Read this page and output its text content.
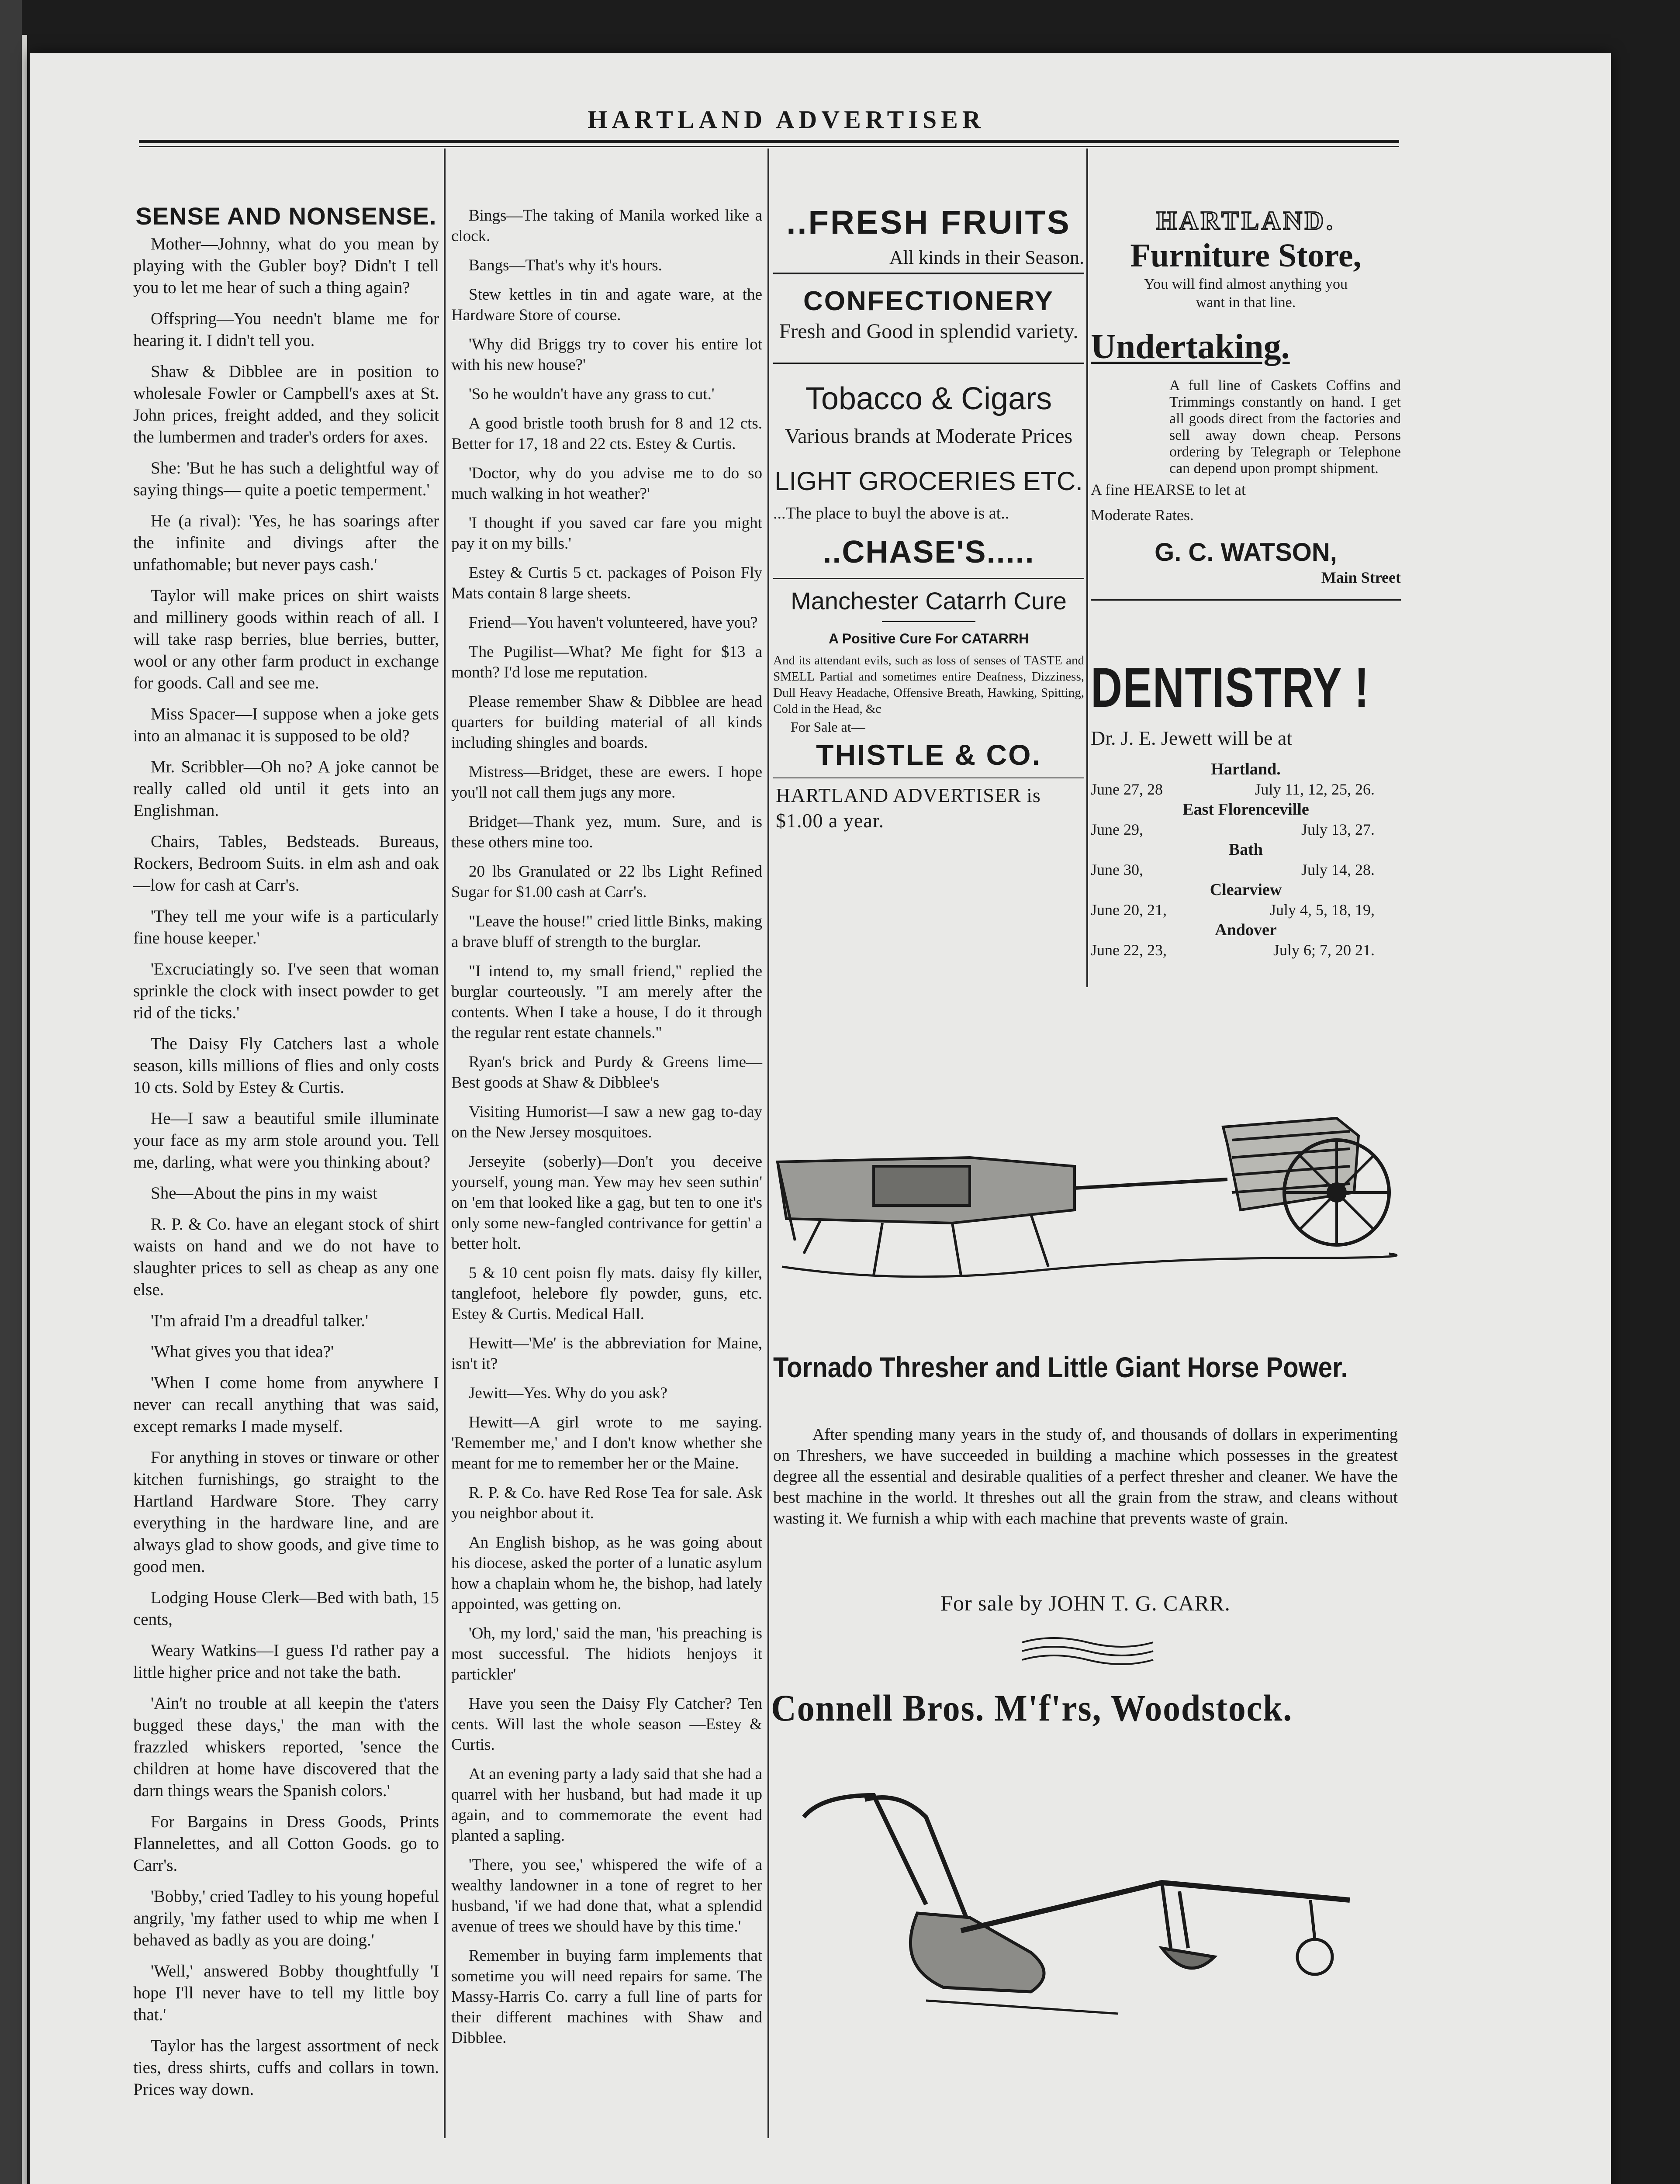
HARTLAND ADVERTISER
SENSE AND NONSENSE.

Mother—Johnny, what do you mean by playing with the Gubler boy? Didn't I tell you to let me hear of such a thing again?

Offspring—You needn't blame me for hearing it. I didn't tell you.

Shaw & Dibblee are in position to wholesale Fowler or Campbell's axes at St. John prices, freight added, and they solicit the lumbermen and trader's orders for axes.

She: 'But he has such a delightful way of saying things— quite a poetic temperment.'

He (a rival): 'Yes, he has soarings after the infinite and divings after the unfathomable; but never pays cash.'

Taylor will make prices on shirt waists and millinery goods within reach of all. I will take rasp berries, blue berries, butter, wool or any other farm product in exchange for goods. Call and see me.

Miss Spacer—I suppose when a joke gets into an almanac it is supposed to be old?

Mr. Scribbler—Oh no? A joke cannot be really called old until it gets into an Englishman.

Chairs, Tables, Bedsteads. Bureaus, Rockers, Bedroom Suits. in elm ash and oak—low for cash at Carr's.

'They tell me your wife is a particularly fine house keeper.'

'Excruciatingly so. I've seen that woman sprinkle the clock with insect powder to get rid of the ticks.'

The Daisy Fly Catchers last a whole season, kills millions of flies and only costs 10 cts. Sold by Estey & Curtis.

He—I saw a beautiful smile illuminate your face as my arm stole around you. Tell me, darling, what were you thinking about?

She—About the pins in my waist

R. P. & Co. have an elegant stock of shirt waists on hand and we do not have to slaughter prices to sell as cheap as any one else.

'I'm afraid I'm a dreadful talker.'

'What gives you that idea?'

'When I come home from anywhere I never can recall anything that was said, except remarks I made myself.

For anything in stoves or tinware or other kitchen furnishings, go straight to the Hartland Hardware Store. They carry everything in the hardware line, and are always glad to show goods, and give time to good men.

Lodging House Clerk—Bed with bath, 15 cents,

Weary Watkins—I guess I'd rather pay a little higher price and not take the bath.

'Ain't no trouble at all keepin the t'aters bugged these days,' the man with the frazzled whiskers reported, 'sence the children at home have discovered that the darn things wears the Spanish colors.'

For Bargains in Dress Goods, Prints Flannelettes, and all Cotton Goods. go to Carr's.

'Bobby,' cried Tadley to his young hopeful angrily, 'my father used to whip me when I behaved as badly as you are doing.'

'Well,' answered Bobby thoughtfully 'I hope I'll never have to tell my little boy that.'

Taylor has the largest assortment of neck ties, dress shirts, cuffs and collars in town. Prices way down.

Bings—The taking of Manila worked like a clock.

Bangs—That's why it's hours.

Stew kettles in tin and agate ware, at the Hardware Store of course.

'Why did Briggs try to cover his entire lot with his new house?'

'So he wouldn't have any grass to cut.'

A good bristle tooth brush for 8 and 12 cts. Better for 17, 18 and 22 cts. Estey & Curtis.

'Doctor, why do you advise me to do so much walking in hot weather?'

'I thought if you saved car fare you might pay it on my bills.'

Estey & Curtis 5 ct. packages of Poison Fly Mats contain 8 large sheets.

Friend—You haven't volunteered, have you?

The Pugilist—What? Me fight for $13 a month? I'd lose me reputation.

Please remember Shaw & Dibblee are head quarters for building material of all kinds including shingles and boards.

Mistress—Bridget, these are ewers. I hope you'll not call them jugs any more.

Bridget—Thank yez, mum. Sure, and is these others mine too.

20 lbs Granulated or 22 lbs Light Refined Sugar for $1.00 cash at Carr's.

"Leave the house!" cried little Binks, making a brave bluff of strength to the burglar.

"I intend to, my small friend," replied the burglar courteously. "I am merely after the contents. When I take a house, I do it through the regular rent estate channels."

Ryan's brick and Purdy & Greens lime—Best goods at Shaw & Dibblee's

Visiting Humorist—I saw a new gag to-day on the New Jersey mosquitoes.

Jerseyite (soberly)—Don't you deceive yourself, young man. Yew may hev seen suthin' on 'em that looked like a gag, but ten to one it's only some new-fangled contrivance for gettin' a better holt.

5 & 10 cent poisn fly mats. daisy fly killer, tanglefoot, helebore fly powder, guns, etc. Estey & Curtis. Medical Hall.

Hewitt—'Me' is the abbreviation for Maine, isn't it?

Jewitt—Yes. Why do you ask?

Hewitt—A girl wrote to me saying. 'Remember me,' and I don't know whether she meant for me to remember her or the Maine.

R. P. & Co. have Red Rose Tea for sale. Ask you neighbor about it.

An English bishop, as he was going about his diocese, asked the porter of a lunatic asylum how a chaplain whom he, the bishop, had lately appointed, was getting on.

'Oh, my lord,' said the man, 'his preaching is most successful. The hidiots henjoys it partickler'

Have you seen the Daisy Fly Catcher? Ten cents. Will last the whole season —Estey & Curtis.

At an evening party a lady said that she had a quarrel with her husband, but had made it up again, and to commemorate the event had planted a sapling.

'There, you see,' whispered the wife of a wealthy landowner in a tone of regret to her husband, 'if we had done that, what a splendid avenue of trees we should have by this time.'

Remember in buying farm implements that sometime you will need repairs for same. The Massy-Harris Co. carry a full line of parts for their different machines with Shaw and Dibblee.

..FRESH FRUITS
All kinds in their Season.
CONFECTIONERY
Fresh and Good in splendid variety.
Tobacco & Cigars
Various brands at Moderate Prices
LIGHT GROCERIES ETC.
...The place to buyl the above is at..
..CHASE'S.....
Manchester Catarrh Cure
A Positive Cure For CATARRH
And its attendant evils, such as loss of senses of TASTE and SMELL Partial and sometimes entire Deafness, Dizziness, Dull Heavy Headache, Offensive Breath, Hawking, Spitting, Cold in the Head, &c
For Sale at—
THISTLE & CO.
HARTLAND ADVERTISER is $1.00 a year.
HARTLAND.
Furniture Store,
You will find almost anything you want in that line.
Undertaking.
A full line of Caskets Coffins and Trimmings constantly on hand. I get all goods direct from the factories and sell away down cheap. Persons ordering by Telegraph or Telephone can depend upon prompt shipment.
A fine HEARSE to let at Moderate Rates.
G. C. WATSON,
Main Street
DENTISTRY !
Dr. J. E. Jewett will be at
Hartland.
June 27, 28	July 11, 12, 25, 26.
East Florenceville
June 29,	July 13, 27.
Bath
June 30,	July 14, 28.
Clearview
June 20, 21,	July 4, 5, 18, 19,
Andover
June 22, 23,	July 6; 7, 20 21.
Tornado Thresher and Little Giant Horse Power.
After spending many years in the study of, and thousands of dollars in experimenting on Threshers, we have succeeded in building a machine which possesses in the greatest degree all the essential and desirable qualities of a perfect thresher and cleaner. We have the best machine in the world. It threshes out all the grain from the straw, and cleans without wasting it. We furnish a whip with each machine that prevents waste of grain.
For sale by JOHN T. G. CARR.
Connell Bros. M'f'rs, Woodstock.
